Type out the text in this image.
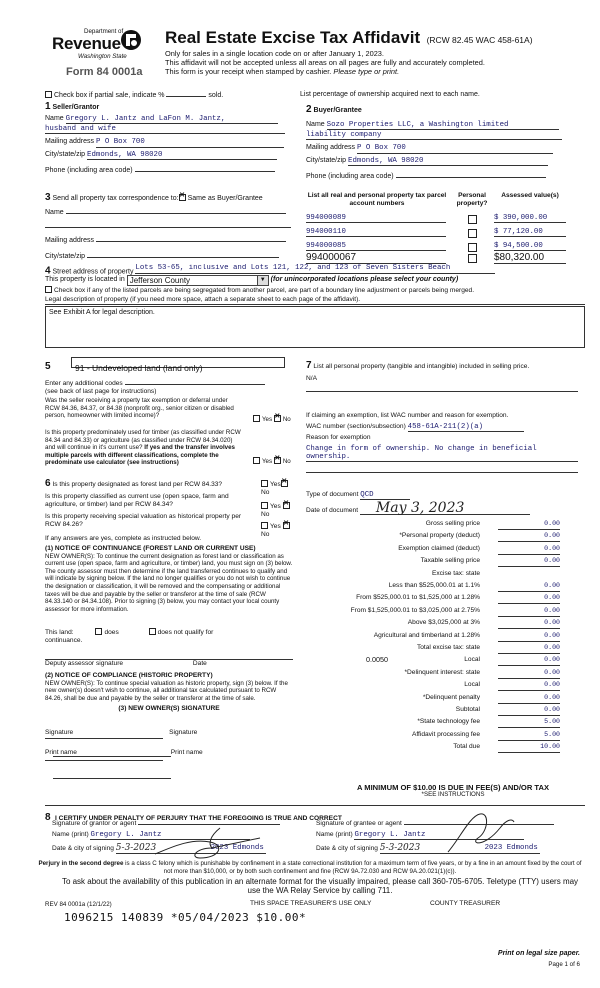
Department of
Revenue
Washington State
Form 84 0001a
Real Estate Excise Tax Affidavit (RCW 82.45 WAC 458-61A)
Only for sales in a single location code on or after January 1, 2023.
This affidavit will not be accepted unless all areas on all pages are fully and accurately completed.
This form is your receipt when stamped by cashier. Please type or print.
Check box if partial sale, indicate %	sold.	List percentage of ownership acquired next to each name.
1 Seller/Grantor
Name Gregory L. Jantz and LaFon M. Jantz,
husband and wife
Mailing address P O Box 700
City/state/zip Edmonds, WA 98020
Phone (including area code)
2 Buyer/Grantee
Name Sozo Properties LLC, a Washington limited
liability company
Mailing address P O Box 700
City/state/zip Edmonds, WA 98020
Phone (including area code)
3 Send all property tax correspondence to:✕ Same as Buyer/Grantee
Name
Mailing address
City/state/zip
List all real and personal property tax parcel account numbers
Personal property?
Assessed value(s)
994000089	$ 390,000.00
994000110	$ 77,120.00
994000085	$ 94,500.00
994000067	$80,320.00
4 Street address of property Lots 53-65, inclusive and Lots 121, 122, and 123 of Seven Sisters Beach
This property is located in Jefferson County	▼ (for unincorporated locations please select your county)
Check box if any of the listed parcels are being segregated from another parcel, are part of a boundary line adjustment or parcels being merged.
Legal description of property (if you need more space, attach a separate sheet to each page of the affidavit).
See Exhibit A for legal description.
5	91 - Undeveloped land (land only)
Enter any additional codes
(see back of last page for instructions)
Was the seller receiving a property tax exemption or deferral under RCW 84.36, 84.37, or 84.38 (nonprofit org., senior citizen or disabled person, homeowner with limited income)?
Yes ✕ No
Is this property predominately used for timber (as classified under RCW 84.34 and 84.33) or agriculture (as classified under RCW 84.34.020) and will continue in it's current use? If yes and the transfer involves multiple parcels with different classifications, complete the predominate use calculator (see instructions)	Yes ✕ No
6 Is this property designated as forest land per RCW 84.33?	Yes✕No
Is this property classified as current use (open space, farm and agriculture, or timber) land per RCW 84.34?	Yes ✕No
Is this property receiving special valuation as historical property per RCW 84.26?	Yes ✕No
If any answers are yes, complete as instructed below.
(1) NOTICE OF CONTINUANCE (FOREST LAND OR CURRENT USE)
NEW OWNER(S): To continue the current designation as forest land or classification as current use (open space, farm and agriculture, or timber) land, you must sign on (3) below. The county assessor must then determine if the land transferred continues to qualify and will indicate by signing below. If the land no longer qualifies or you do not wish to continue the designation or classification, it will be removed and the compensating or additional taxes will be due and payable by the seller or transferor at the time of sale (RCW 84.33.140 or 84.34.108). Prior to signing (3) below, you may contact your local county assessor for more information.
This land:	does	does not qualify for
continuance.
Deputy assessor signature	Date
(2) NOTICE OF COMPLIANCE (HISTORIC PROPERTY)
NEW OWNER(S): To continue special valuation as historic property, sign (3) below. If the new owner(s) doesn't wish to continue, all additional tax calculated pursuant to RCW 84.26, shall be due and payable by the seller or transferor at the time of sale.
(3) NEW OWNER(S) SIGNATURE

Signature	Signature

Print name	Print name
7 List all personal property (tangible and intangible) included in selling price.
N/A
If claiming an exemption, list WAC number and reason for exemption.
WAC number (section/subsection) 458-61A-211(2)(a)
Reason for exemption
Change in form of ownership. No change in beneficial ownership.
Type of document QCD
Date of document May 3, 2023
Gross selling price	0.00
*Personal property (deduct)	0.00
Exemption claimed (deduct)	0.00
Taxable selling price	0.00
Excise tax: state
Less than $525,000.01 at 1.1%	0.00
From $525,000.01 to $1,525,000 at 1.28%	0.00
From $1,525,000.01 to $3,025,000 at 2.75%	0.00
Above $3,025,000 at 3%	0.00
Agricultural and timberland at 1.28%	0.00
Total excise tax: state	0.00
Local
0.0050	0.00
*Delinquent interest: state	0.00
Local	0.00
*Delinquent penalty	0.00
Subtotal	0.00
*State technology fee	5.00
Affidavit processing fee	5.00
Total due	10.00
A MINIMUM OF $10.00 IS DUE IN FEE(S) AND/OR TAX
*SEE INSTRUCTIONS
8 I CERTIFY UNDER PENALTY OF PERJURY THAT THE FOREGOING IS TRUE AND CORRECT
Signature of grantor or agent
Name (print) Gregory L. Jantz
Date & city of signing 5-3-2023	2023 Edmonds
Signature of grantee or agent
Name (print) Gregory L. Jantz
Date & city of signing 5-3-2023	2023 Edmonds
Perjury in the second degree is a class C felony which is punishable by confinement in a state correctional institution for a maximum term of five years, or by a fine in an amount fixed by the court of not more than $10,000, or by both such confinement and fine (RCW 9A.72.030 and RCW 9A.20.021(1)(c)).
To ask about the availability of this publication in an alternate format for the visually impaired, please call 360-705-6705. Teletype (TTY) users may use the WA Relay Service by calling 711.
REV 84 0001a (12/1/22)	THIS SPACE TREASURER'S USE ONLY	COUNTY TREASURER
1096215 140839 *05/04/2023 $10.00*
Print on legal size paper.
Page 1 of 6
